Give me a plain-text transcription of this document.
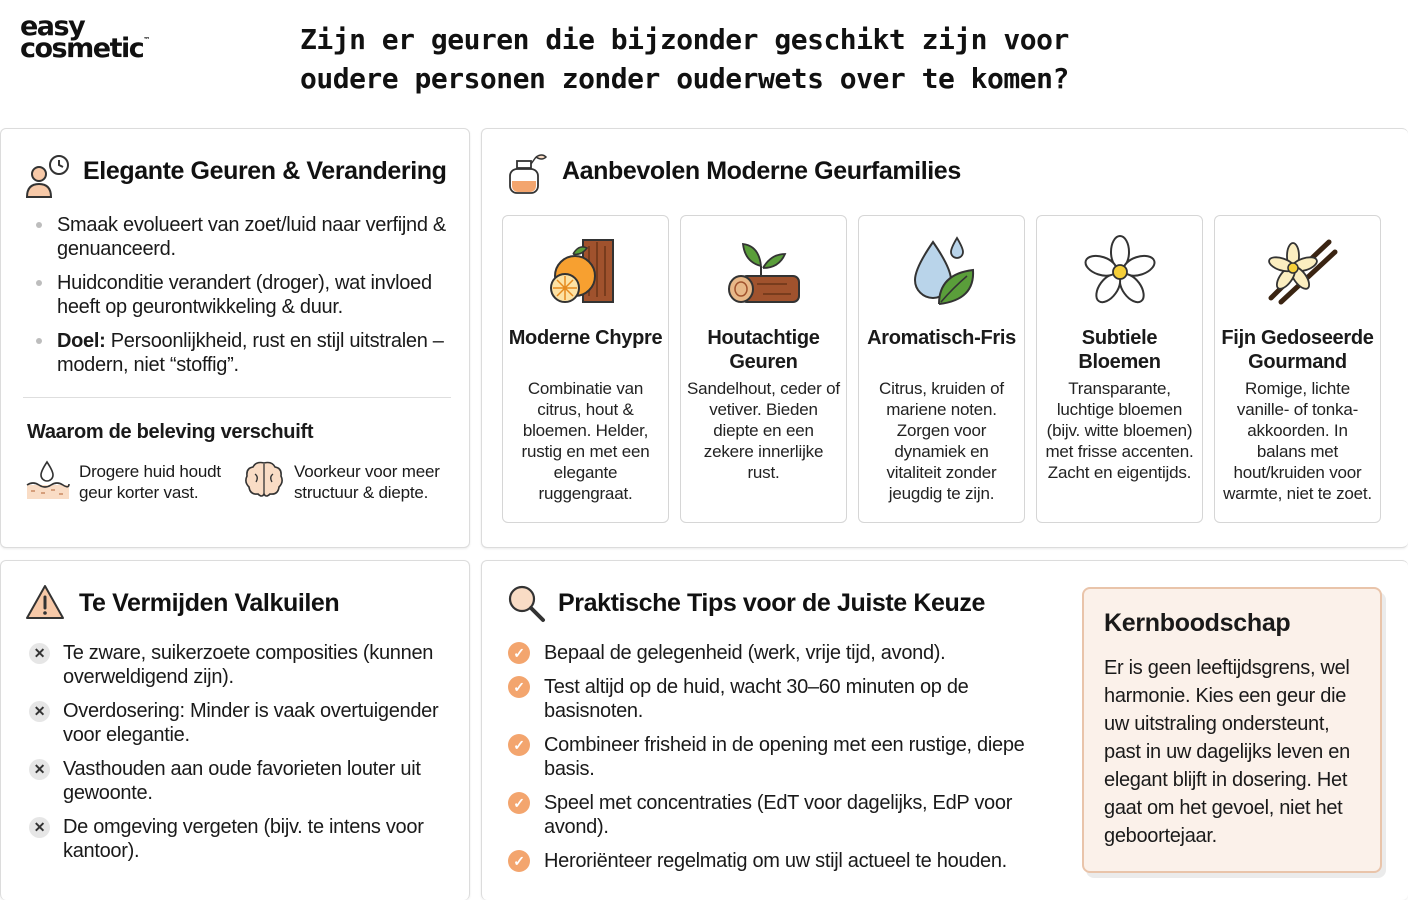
easy
cosmetic™	Zijn er geuren die bijzonder geschikt zijn voor oudere personen zonder ouderwets over te komen?
Elegante Geuren & Verandering
Smaak evolueert van zoet/luid naar verfijnd & genuanceerd.
Huidconditie verandert (droger), wat invloed heeft op geurontwikkeling & duur.
Doel: Persoonlijkheid, rust en stijl uitstralen – modern, niet “stoffig”.
Waarom de beleving verschuift

Drogere huid houdt geur korter vast.

Voorkeur voor meer structuur & diepte.

Aanbevolen Moderne Geurfamilies
Moderne Chypre
Combinatie van citrus, hout & bloemen. Helder, rustig en met een elegante ruggengraat.
Houtachtige Geuren
Sandelhout, ceder of vetiver. Bieden diepte en een zekere innerlijke rust.
Aromatisch-Fris
Citrus, kruiden of mariene noten. Zorgen voor dynamiek en vitaliteit zonder jeugdig te zijn.
Subtiele Bloemen
Transparante, luchtige bloemen (bijv. witte bloemen) met frisse accenten. Zacht en eigentijds.
Fijn Gedoseerde Gourmand
Romige, lichte vanille- of tonka-akkoorden. In balans met hout/kruiden voor warmte, niet te zoet.
Te Vermijden Valkuilen
✕ Te zware, suikerzoete composities (kunnen overweldigend zijn).
✕ Overdosering: Minder is vaak overtuigender voor elegantie.
✕ Vasthouden aan oude favorieten louter uit gewoonte.
✕ De omgeving vergeten (bijv. te intens voor kantoor).
Praktische Tips voor de Juiste Keuze
✓ Bepaal de gelegenheid (werk, vrije tijd, avond).
✓ Test altijd op de huid, wacht 30–60 minuten op de basisnoten.
✓ Combineer frisheid in de opening met een rustige, diepe basis.
✓ Speel met concentraties (EdT voor dagelijks, EdP voor avond).
✓ Heroriënteer regelmatig om uw stijl actueel te houden.
Kernboodschap

Er is geen leeftijdsgrens, wel harmonie. Kies een geur die uw uitstraling ondersteunt, past in uw dagelijks leven en elegant blijft in dosering. Het gaat om het gevoel, niet het geboortejaar.
